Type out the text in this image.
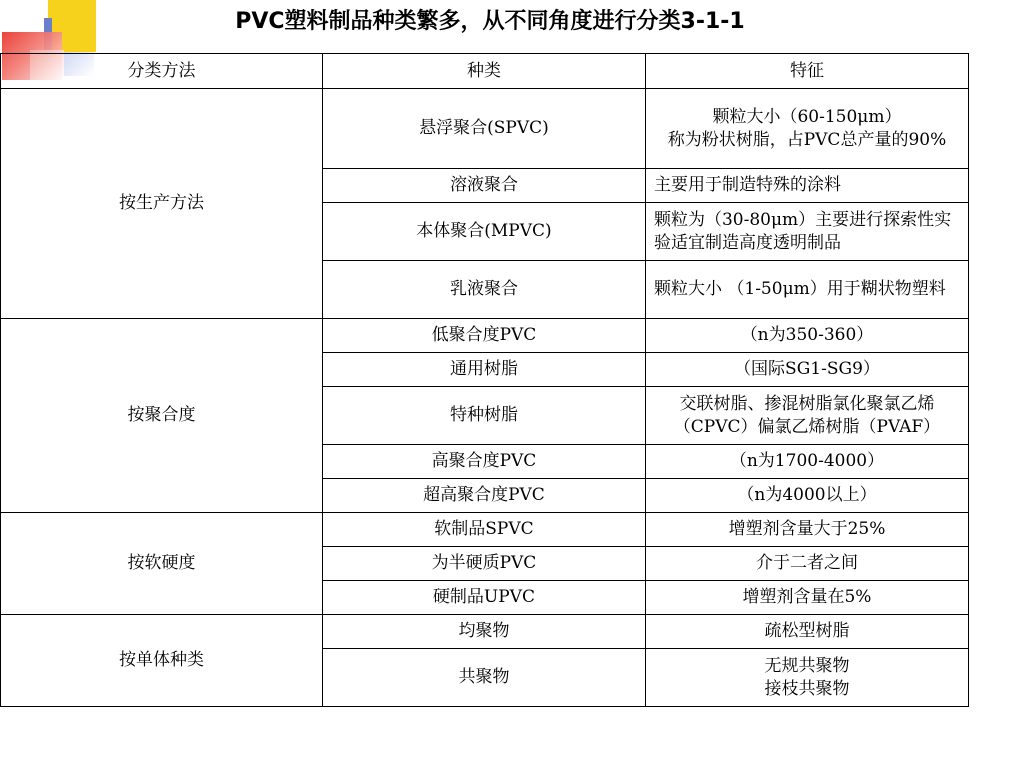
PVC塑料制品种类繁多，从不同角度进行分类3-1-1
分类方法	种类	特征
按生产方法	悬浮聚合(SPVC)	颗粒大小（60-150μm）
称为粉状树脂，占PVC总产量的90%
	溶液聚合	主要用于制造特殊的涂料
	本体聚合(MPVC)	颗粒为（30-80μm）主要进行探索性实验适宜制造高度透明制品
	乳液聚合	颗粒大小 （1-50μm）用于糊状物塑料
按聚合度	低聚合度PVC	（n为350-360）
	通用树脂	（国际SG1-SG9）
	特种树脂	交联树脂、掺混树脂氯化聚氯乙烯（CPVC）偏氯乙烯树脂（PVAF）
	高聚合度PVC	（n为1700-4000）
	超高聚合度PVC	（n为4000以上）
按软硬度	软制品SPVC	增塑剂含量大于25%
	为半硬质PVC	介于二者之间
	硬制品UPVC	增塑剂含量在5%
按单体种类	均聚物	疏松型树脂
	共聚物	无规共聚物
接枝共聚物
